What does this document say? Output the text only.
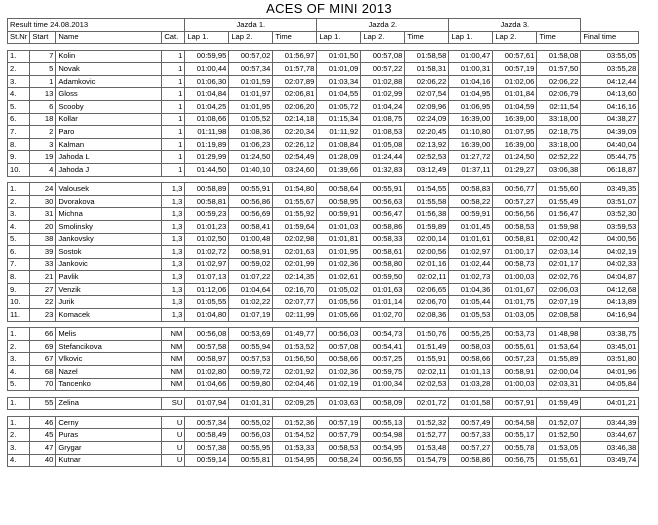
ACES OF MINI 2013
Result time 24.08.2013				Jazda 1.			Jazda 2.			Jazda 3.			
St.Nr	Start	Name	Cat.	Lap 1.	Lap 2.	Time	Lap 1.	Lap 2.	Time	Lap 1.	Lap 2.	Time	Final time

1.	7	Kolin	1	00:59,95	00:57,02	01:56,97	01:01,50	00:57,08	01:58,58	01:00,47	00:57,61	01:58,08	03:55,05
2.	5	Novak	1	01:00,44	00:57,34	01:57,78	01:01,09	00:57,22	01:58,31	01:00,31	00:57,19	01:57,50	03:55,28
3.	1	Adamkovic	1	01:06,30	01:01,59	02:07,89	01:03,34	01:02,88	02:06,22	01:04,16	01:02,06	02:06,22	04:12,44
4.	13	Gloss	1	01:04,84	01:01,97	02:06,81	01:04,55	01:02,99	02:07,54	01:04,95	01:01,84	02:06,79	04:13,60
5.	6	Scooby	1	01:04,25	01:01,95	02:06,20	01:05,72	01:04,24	02:09,96	01:06,95	01:04,59	02:11,54	04:16,16
6.	18	Kollar	1	01:08,66	01:05,52	02:14,18	01:15,34	01:08,75	02:24,09	16:39,00	16:39,00	33:18,00	04:38,27
7.	2	Paro	1	01:11,98	01:08,36	02:20,34	01:11,92	01:08,53	02:20,45	01:10,80	01:07,95	02:18,75	04:39,09
8.	3	Kalman	1	01:19,89	01:06,23	02:26,12	01:08,84	01:05,08	02:13,92	16:39,00	16:39,00	33:18,00	04:40,04
9.	19	Jahoda L	1	01:29,99	01:24,50	02:54,49	01:28,09	01:24,44	02:52,53	01:27,72	01:24,50	02:52,22	05:44,75
10.	4	Jahoda J	1	01:44,50	01:40,10	03:24,60	01:39,66	01:32,83	03:12,49	01:37,11	01:29,27	03:06,38	06:18,87

1.	24	Valousek	1,3	00:58,89	00:55,91	01:54,80	00:58,64	00:55,91	01:54,55	00:58,83	00:56,77	01:55,60	03:49,35
2.	30	Dvorakova	1,3	00:58,81	00:56,86	01:55,67	00:58,95	00:56,63	01:55,58	00:58,22	00:57,27	01:55,49	03:51,07
3.	31	Michna	1,3	00:59,23	00:56,69	01:55,92	00:59,91	00:56,47	01:56,38	00:59,91	00:56,56	01:56,47	03:52,30
4.	20	Smolinsky	1,3	01:01,23	00:58,41	01:59,64	01:01,03	00:58,86	01:59,89	01:01,45	00:58,53	01:59,98	03:59,53
5.	38	Jankovsky	1,3	01:02,50	01:00,48	02:02,98	01:01,81	00:58,33	02:00,14	01:01,61	00:58,81	02:00,42	04:00,56
6.	39	Sostok	1,3	01:02,72	00:58,91	02:01,63	01:01,95	00:58,61	02:00,56	01:02,97	01:00,17	02:03,14	04:02,19
7.	33	Jankovic	1,3	01:02,97	00:59,02	02:01,99	01:02,36	00:58,80	02:01,16	01:02,44	00:58,73	02:01,17	04:02,33
8.	21	Pavlik	1,3	01:07,13	01:07,22	02:14,35	01:02,61	00:59,50	02:02,11	01:02,73	01:00,03	02:02,76	04:04,87
9.	27	Venzik	1,3	01:12,06	01:04,64	02:16,70	01:05,02	01:01,63	02:06,65	01:04,36	01:01,67	02:06,03	04:12,68
10.	22	Jurik	1,3	01:05,55	01:02,22	02:07,77	01:05,56	01:01,14	02:06,70	01:05,44	01:01,75	02:07,19	04:13,89
11.	23	Komacek	1,3	01:04,80	01:07,19	02:11,99	01:05,66	01:02,70	02:08,36	01:05,53	01:03,05	02:08,58	04:16,94

1.	66	Melis	NM	00:56,08	00:53,69	01:49,77	00:56,03	00:54,73	01:50,76	00:55,25	00:53,73	01:48,98	03:38,75
2.	69	Stefancikova	NM	00:57,58	00:55,94	01:53,52	00:57,08	00:54,41	01:51,49	00:58,03	00:55,61	01:53,64	03:45,01
3.	67	Vlkovic	NM	00:58,97	00:57,53	01:56,50	00:58,66	00:57,25	01:55,91	00:58,66	00:57,23	01:55,89	03:51,80
4.	68	Nazel	NM	01:02,80	00:59,72	02:01,92	01:02,36	00:59,75	02:02,11	01:01,13	00:58,91	02:00,04	04:01,96
5.	70	Tancenko	NM	01:04,66	00:59,80	02:04,46	01:02,19	01:00,34	02:02,53	01:03,28	01:00,03	02:03,31	04:05,84

1.	55	Zelina	SU	01:07,94	01:01,31	02:09,25	01:03,63	00:58,09	02:01,72	01:01,58	00:57,91	01:59,49	04:01,21

1.	46	Cerny	U	00:57,34	00:55,02	01:52,36	00:57,19	00:55,13	01:52,32	00:57,49	00:54,58	01:52,07	03:44,39
2.	45	Puras	U	00:58,49	00:56,03	01:54,52	00:57,79	00:54,98	01:52,77	00:57,33	00:55,17	01:52,50	03:44,67
3.	47	Grygar	U	00:57,38	00:55,95	01:53,33	00:58,53	00:54,95	01:53,48	00:57,27	00:55,78	01:53,05	03:46,38
4.	40	Kutnar	U	00:59,14	00:55,81	01:54,95	00:58,24	00:56,55	01:54,79	00:58,86	00:56,75	01:55,61	03:49,74
